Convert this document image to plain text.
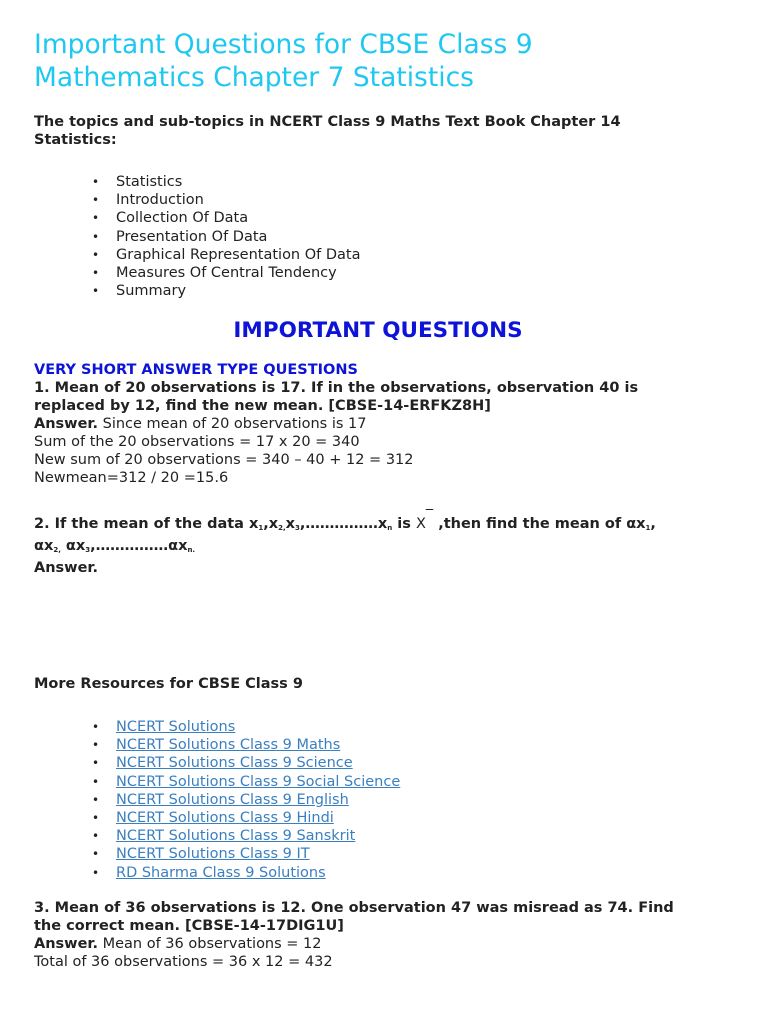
Important Questions for CBSE Class 9
Mathematics Chapter 7 Statistics
The topics and sub-topics in NCERT Class 9 Maths Text Book Chapter 14
Statistics:
• Statistics
• Introduction
• Collection Of Data
• Presentation Of Data
• Graphical Representation Of Data
• Measures Of Central Tendency
• Summary
IMPORTANT QUESTIONS
VERY SHORT ANSWER TYPE QUESTIONS
1. Mean of 20 observations is 17. If in the observations, observation 40 is
replaced by 12, find the new mean. [CBSE-14-ERFKZ8H]
Answer. Since mean of 20 observations is 17
Sum of the 20 observations = 17 x 20 = 340
New sum of 20 observations = 340 – 40 + 12 = 312
Newmean=312 / 20 =15.6
2. If the mean of the data $x_1,x_{2,}x_3,\dots\dots\dots\dots\dots x_n$ is X‾ ,then find the mean of $\alpha x_1$,
$\alpha x_{2,}$ $\alpha x_3,\dots\dots\dots\dots\dots\alpha x_{n.}$
Answer.
More Resources for CBSE Class 9
• NCERT Solutions
• NCERT Solutions Class 9 Maths
• NCERT Solutions Class 9 Science
• NCERT Solutions Class 9 Social Science
• NCERT Solutions Class 9 English
• NCERT Solutions Class 9 Hindi
• NCERT Solutions Class 9 Sanskrit
• NCERT Solutions Class 9 IT
• RD Sharma Class 9 Solutions
3. Mean of 36 observations is 12. One observation 47 was misread as 74. Find
the correct mean. [CBSE-14-17DIG1U]
Answer. Mean of 36 observations = 12
Total of 36 observations = 36 x 12 = 432
